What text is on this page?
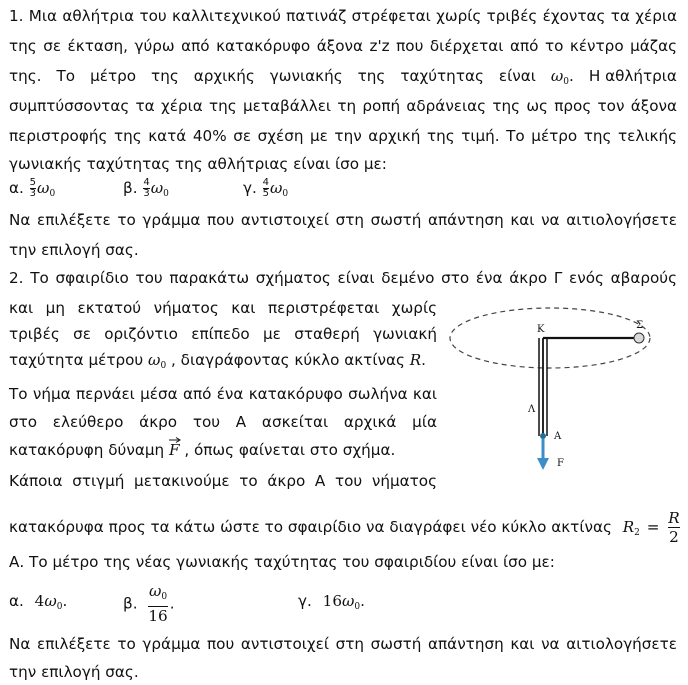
1. Μια αθλήτρια του καλλιτεχνικού πατινάζ στρέφεται χωρίς τριβές έχοντας τα χέρια
της σε έκταση, γύρω από κατακόρυφο άξονα z'z που διέρχεται από το κέντρο μάζας
της. Το μέτρο της αρχικής γωνιακής της ταχύτητας είναι $\omega_0$. Η αθλήτρια
συμπτύσσοντας τα χέρια της μεταβάλλει τη ροπή αδράνειας της ως προς τον άξονα
περιστροφής της κατά 40% σε σχέση με την αρχική της τιμή. Το μέτρο της τελικής
γωνιακής ταχύτητας της αθλήτριας είναι ίσο με:
α. $\frac{5}{3} \omega_0$	β. $\frac{4}{3} \omega_0$	γ. $\frac{4}{5} \omega_0$
Να επιλέξετε το γράμμα που αντιστοιχεί στη σωστή απάντηση και να αιτιολογήσετε
την επιλογή σας.
2. Το σφαιρίδιο του παρακάτω σχήματος είναι δεμένο στο ένα άκρο Γ ενός αβαρούς
και μη εκτατού νήματος και περιστρέφεται χωρίς
τριβές σε οριζόντιο επίπεδο με σταθερή γωνιακή
ταχύτητα μέτρου $\omega_0$ , διαγράφοντας κύκλο ακτίνας R.
Το νήμα περνάει μέσα από ένα κατακόρυφο σωλήνα και
στο ελεύθερο άκρο του Α ασκείται αρχικά μία
κατακόρυφη δύναμη F , όπως φαίνεται στο σχήμα.
Κάποια στιγμή μετακινούμε το άκρο Α του νήματος
κατακόρυφα προς τα κάτω ώστε το σφαιρίδιο να διαγράφει νέο κύκλο ακτίνας $R_2 = \frac{R}{2}$
Α. Το μέτρο της νέας γωνιακής ταχύτητας του σφαιριδίου είναι ίσο με:
α. $4\omega_0$.	β. $\frac{\omega_0}{16}$ .	γ. $16\omega_0$.
Να επιλέξετε το γράμμα που αντιστοιχεί στη σωστή απάντηση και να αιτιολογήσετε
την επιλογή σας.
Κ	Σ
Λ
Α
F
